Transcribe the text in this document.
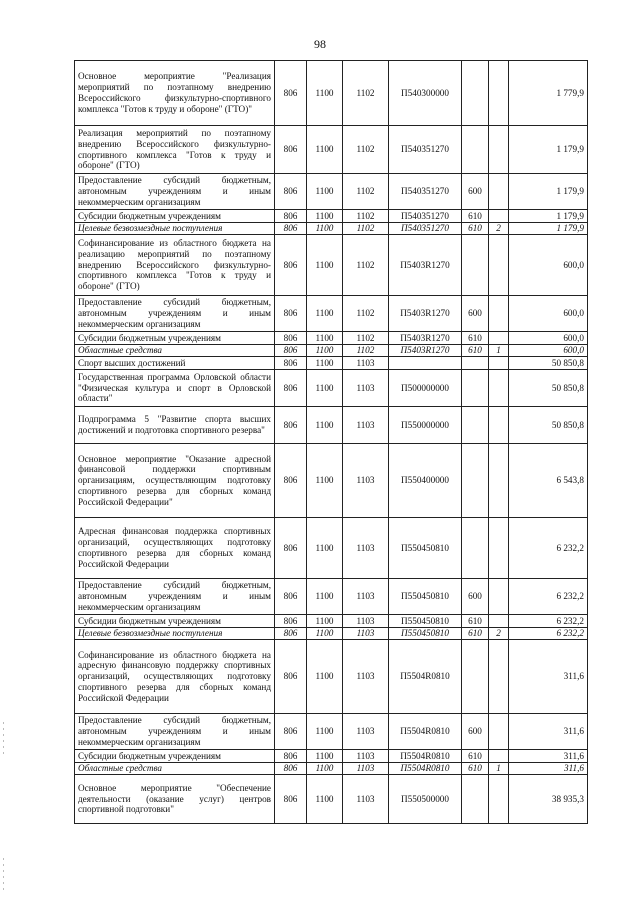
98
Основное мероприятие "Реализация мероприятий по поэтапному внедрению Всероссийского физкультурно-спортивного комплекса "Готов к труду и обороне" (ГТО)"	806	1100	1102	П540300000			1 779,9
Реализация мероприятий по поэтапному внедрению Всероссийского физкультурно-спортивного комплекса "Готов к труду и обороне" (ГТО)	806	1100	1102	П540351270			1 179,9
Предоставление субсидий бюджетным, автономным учреждениям и иным некоммерческим организациям	806	1100	1102	П540351270	600		1 179,9
Субсидии бюджетным учреждениям	806	1100	1102	П540351270	610		1 179,9
Целевые безвозмездные поступления	806	1100	1102	П540351270	610	2	1 179,9
Софинансирование из областного бюджета на реализацию мероприятий по поэтапному внедрению Всероссийского физкультурно-спортивного комплекса "Готов к труду и обороне" (ГТО)	806	1100	1102	П5403R1270			600,0
Предоставление субсидий бюджетным, автономным учреждениям и иным некоммерческим организациям	806	1100	1102	П5403R1270	600		600,0
Субсидии бюджетным учреждениям	806	1100	1102	П5403R1270	610		600,0
Областные средства	806	1100	1102	П5403R1270	610	1	600,0
Спорт высших достижений	806	1100	1103				50 850,8
Государственная программа Орловской области "Физическая культура и спорт в Орловской области"	806	1100	1103	П500000000			50 850,8
Подпрограмма 5 "Развитие спорта высших достижений и подготовка спортивного резерва"	806	1100	1103	П550000000			50 850,8
Основное мероприятие "Оказание адресной финансовой поддержки спортивным организациям, осуществляющим подготовку спортивного резерва для сборных команд Российской Федерации"	806	1100	1103	П550400000			6 543,8
Адресная финансовая поддержка спортивных организаций, осуществляющих подготовку спортивного резерва для сборных команд Российской Федерации	806	1100	1103	П550450810			6 232,2
Предоставление субсидий бюджетным, автономным учреждениям и иным некоммерческим организациям	806	1100	1103	П550450810	600		6 232,2
Субсидии бюджетным учреждениям	806	1100	1103	П550450810	610		6 232,2
Целевые безвозмездные поступления	806	1100	1103	П550450810	610	2	6 232,2
Софинансирование из областного бюджета на адресную финансовую поддержку спортивных организаций, осуществляющих подготовку спортивного резерва для сборных команд Российской Федерации	806	1100	1103	П5504R0810			311,6
Предоставление субсидий бюджетным, автономным учреждениям и иным некоммерческим организациям	806	1100	1103	П5504R0810	600		311,6
Субсидии бюджетным учреждениям	806	1100	1103	П5504R0810	610		311,6
Областные средства	806	1100	1103	П5504R0810	610	1	311,6
Основное мероприятие "Обеспечение деятельности (оказание услуг) центров спортивной подготовки"	806	1100	1103	П550500000			38 935,3
